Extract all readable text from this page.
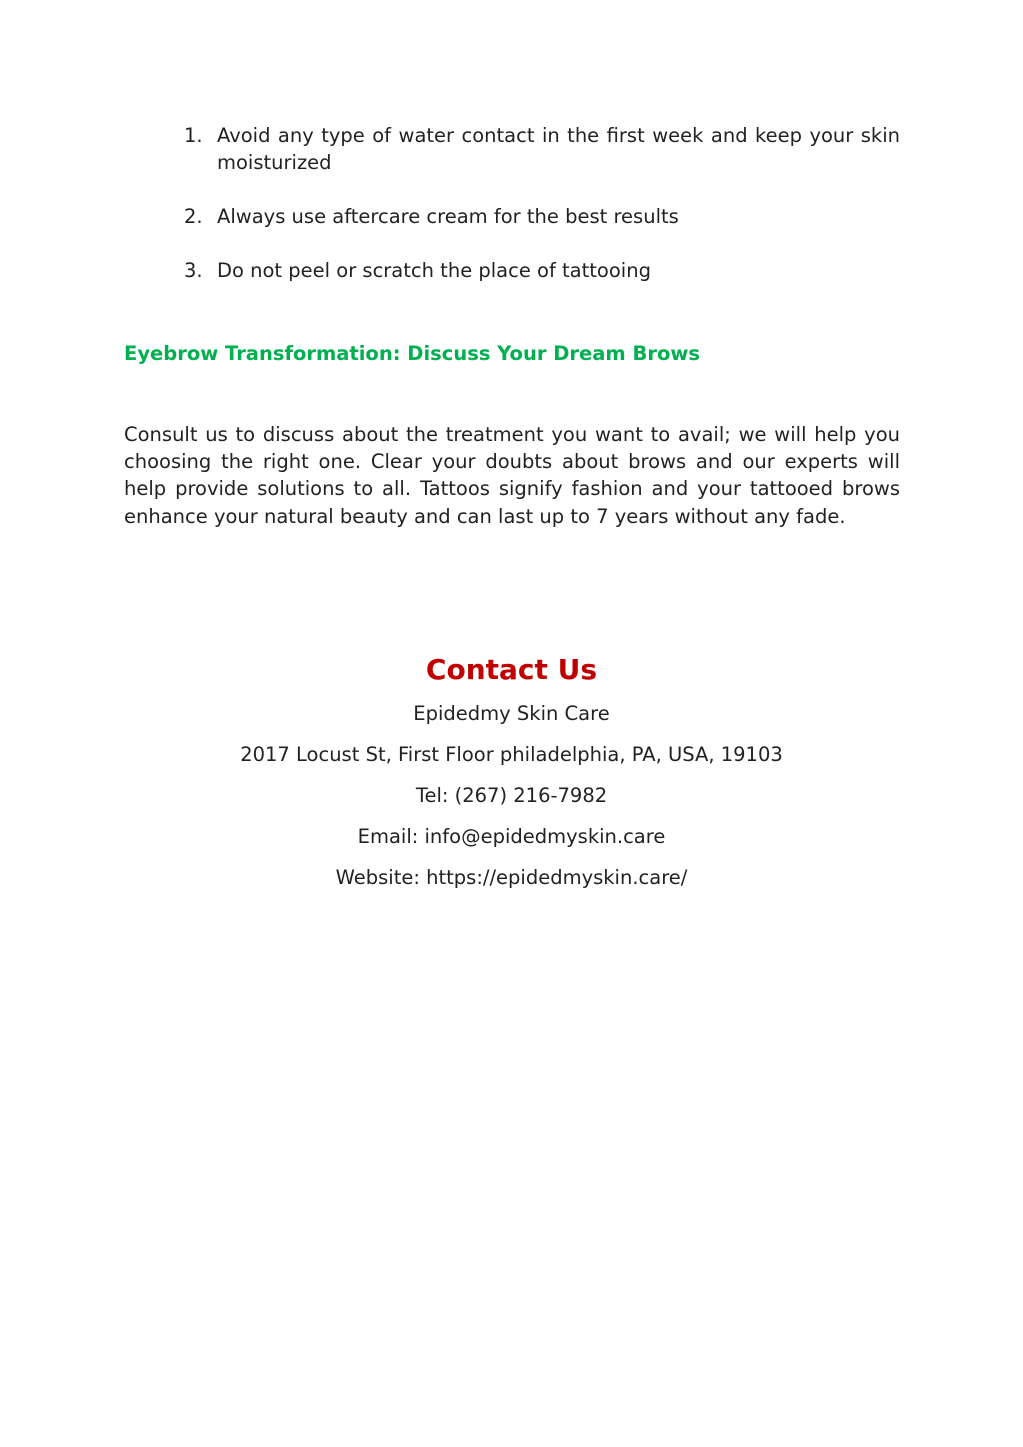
1. Avoid any type of water contact in the first week and keep your skin moisturized
2. Always use aftercare cream for the best results
3. Do not peel or scratch the place of tattooing
Eyebrow Transformation: Discuss Your Dream Brows

Consult us to discuss about the treatment you want to avail; we will help you choosing the right one. Clear your doubts about brows and our experts will help provide solutions to all. Tattoos signify fashion and your tattooed brows enhance your natural beauty and can last up to 7 years without any fade.

Contact Us

Epidedmy Skin Care

2017 Locust St, First Floor philadelphia, PA, USA, 19103

Tel: (267) 216-7982

Email: info@epidedmyskin.care

Website: https://epidedmyskin.care/
